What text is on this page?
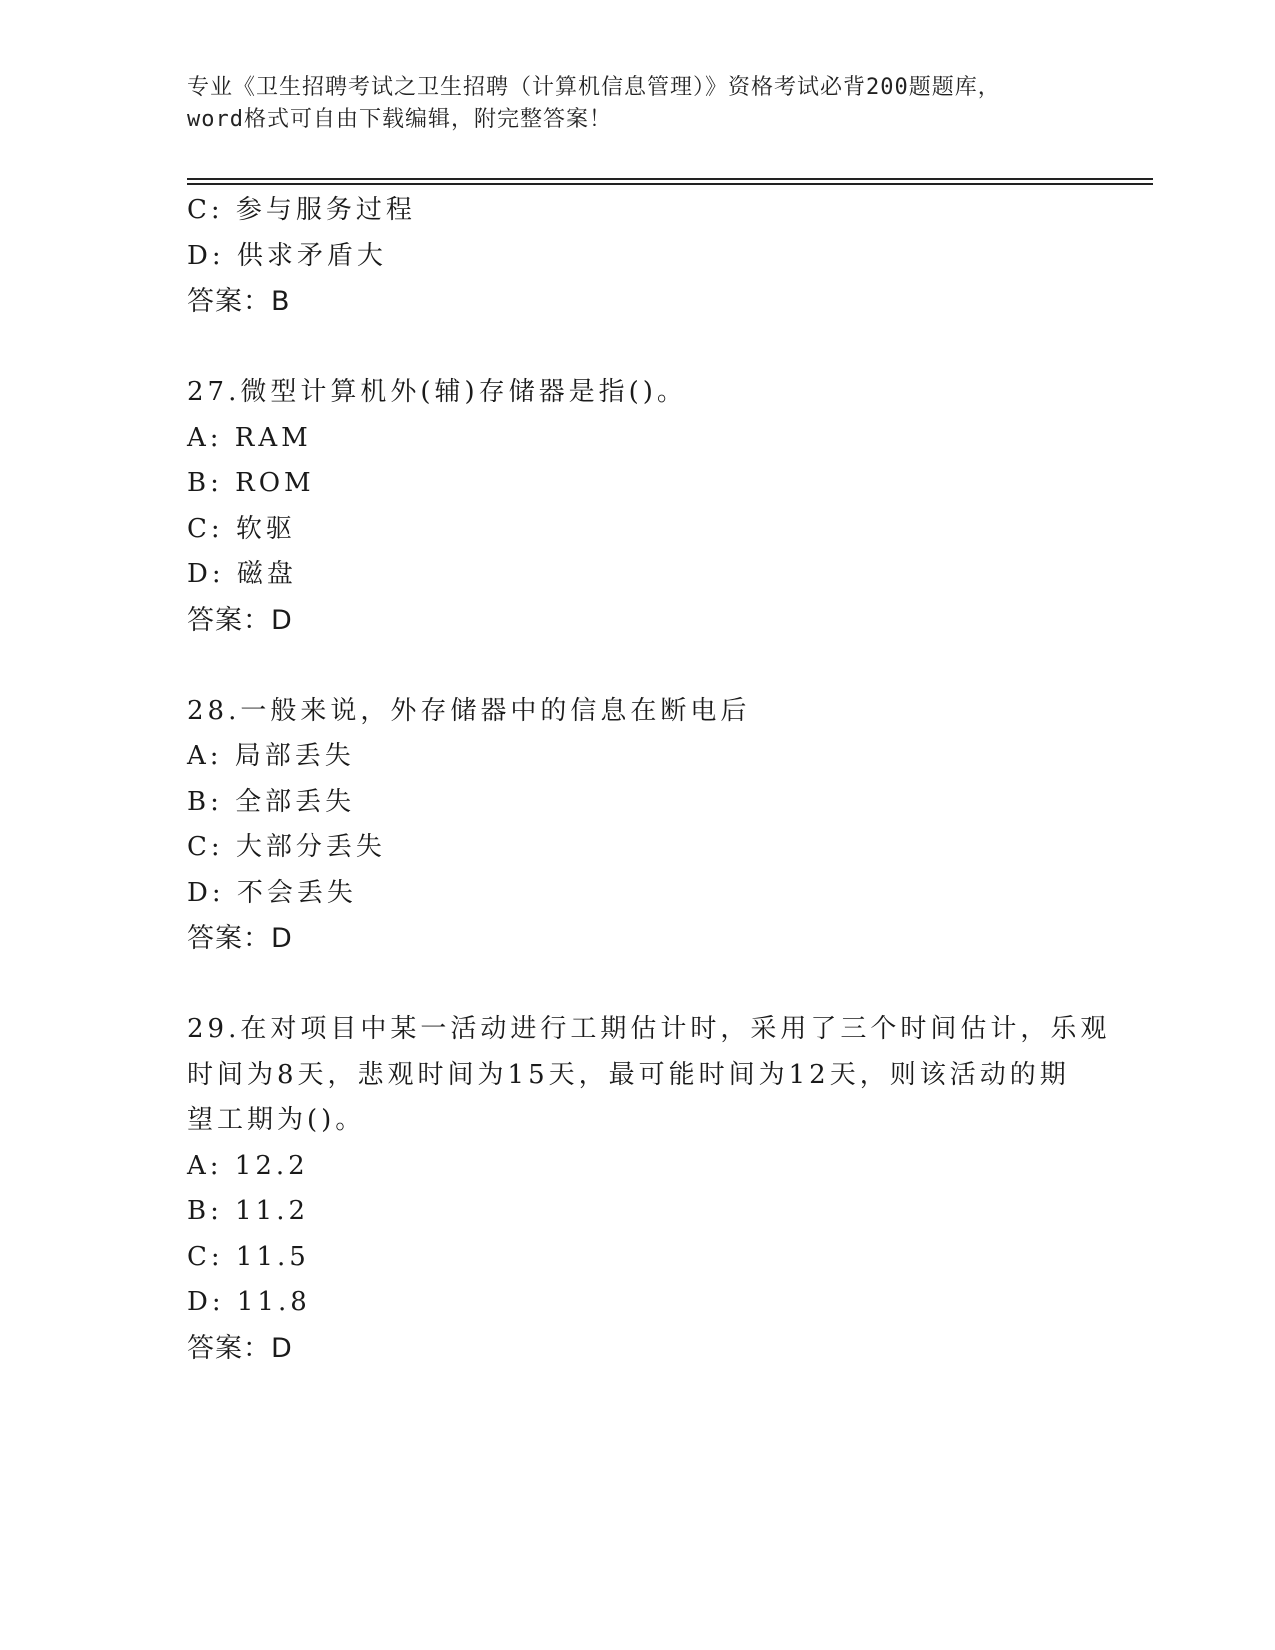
专业《卫生招聘考试之卫生招聘（计算机信息管理）》资格考试必背200题题库，
word格式可自由下载编辑，附完整答案！
C: 参与服务过程
D: 供求矛盾大
答案：B
27.微型计算机外(辅)存储器是指()。
A: RAM
B: ROM
C: 软驱
D: 磁盘
答案：D
28.一般来说，外存储器中的信息在断电后
A: 局部丢失
B: 全部丢失
C: 大部分丢失
D: 不会丢失
答案：D
29.在对项目中某一活动进行工期估计时，采用了三个时间估计，乐观
时间为8天，悲观时间为15天，最可能时间为12天，则该活动的期
望工期为()。
A: 12.2
B: 11.2
C: 11.5
D: 11.8
答案：D
